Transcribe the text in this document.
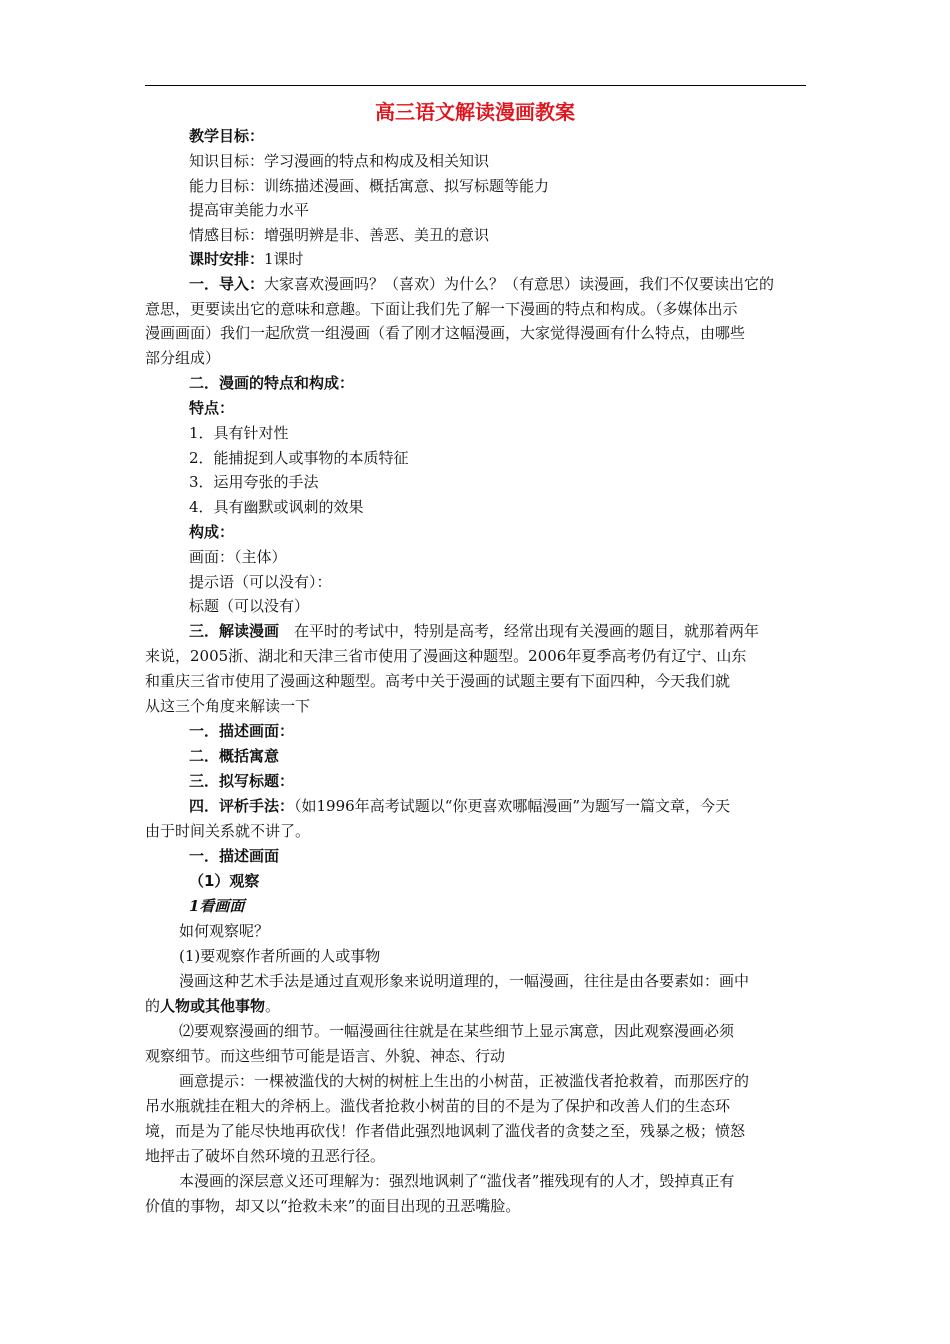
高三语文解读漫画教案
教学目标：
知识目标：学习漫画的特点和构成及相关知识
能力目标：训练描述漫画、概括寓意、拟写标题等能力
提高审美能力水平
情感目标：增强明辨是非、善恶、美丑的意识
课时安排：1课时
一．导入：大家喜欢漫画吗？（喜欢）为什么？（有意思）读漫画，我们不仅要读出它的
意思，更要读出它的意味和意趣。下面让我们先了解一下漫画的特点和构成。（多媒体出示
漫画画面）我们一起欣赏一组漫画（看了刚才这幅漫画，大家觉得漫画有什么特点，由哪些
部分组成）
二．漫画的特点和构成：
特点：
1．具有针对性
2．能捕捉到人或事物的本质特征
3．运用夸张的手法
4．具有幽默或讽刺的效果
构成：
画面：（主体）
提示语（可以没有）：
标题（可以没有）
三．解读漫画　在平时的考试中，特别是高考，经常出现有关漫画的题目，就那着两年
来说，2005浙、湖北和天津三省市使用了漫画这种题型。2006年夏季高考仍有辽宁、山东
和重庆三省市使用了漫画这种题型。高考中关于漫画的试题主要有下面四种，今天我们就
从这三个角度来解读一下
一．描述画面：
二．概括寓意
三．拟写标题：
四．评析手法：（如1996年高考试题以“你更喜欢哪幅漫画”为题写一篇文章，今天
由于时间关系就不讲了。
一．描述画面
（1）观察
1看画面
如何观察呢？
(1)要观察作者所画的人或事物
漫画这种艺术手法是通过直观形象来说明道理的，一幅漫画，往往是由各要素如：画中
的人物或其他事物。
⑵要观察漫画的细节。一幅漫画往往就是在某些细节上显示寓意，因此观察漫画必须
观察细节。而这些细节可能是语言、外貌、神态、行动
画意提示：一棵被滥伐的大树的树桩上生出的小树苗，正被滥伐者抢救着，而那医疗的
吊水瓶就挂在粗大的斧柄上。滥伐者抢救小树苗的目的不是为了保护和改善人们的生态环
境，而是为了能尽快地再砍伐！作者借此强烈地讽刺了滥伐者的贪婪之至，残暴之极；愤怒
地抨击了破坏自然环境的丑恶行径。
本漫画的深层意义还可理解为：强烈地讽刺了“滥伐者”摧残现有的人才，毁掉真正有
价值的事物，却又以“抢救未来”的面目出现的丑恶嘴脸。
